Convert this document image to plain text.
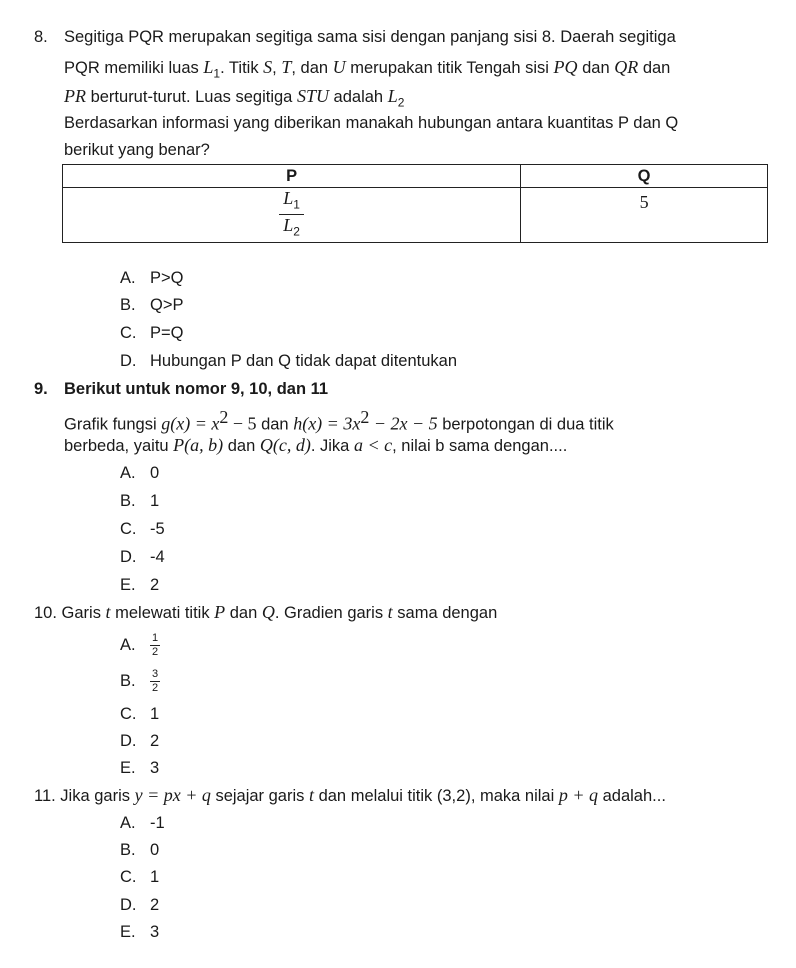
8. Segitiga PQR merupakan segitiga sama sisi dengan panjang sisi 8. Daerah segitiga
PQR memiliki luas $L_1$. Titik S, T, dan U merupakan titik Tengah sisi PQ dan QR dan
PR berturut-turut. Luas segitiga STU adalah $L_2$
Berdasarkan informasi yang diberikan manakah hubungan antara kuantitas P dan Q
berikut yang benar?
P	Q

$\frac{L_1}{L_2}$	5
A. P>Q
B. Q>P
C. P=Q
D. Hubungan P dan Q tidak dapat ditentukan
9. Berikut untuk nomor 9, 10, dan 11
Grafik fungsi $g(x) = x^2 - 5$ dan $h(x) = 3x^2 - 2x - 5$ berpotongan di dua titik
berbeda, yaitu P(a, b) dan Q(c, d). Jika a < c, nilai b sama dengan....
A. 0
B. 1
C. -5
D. -4
E. 2
10. Garis t melewati titik P dan Q. Gradien garis t sama dengan
A. $\frac{1}{2}$
B. $\frac{3}{2}$
C. 1
D. 2
E. 3
11. Jika garis y = px + q sejajar garis t dan melalui titik (3,2), maka nilai p + q adalah...
A. -1
B. 0
C. 1
D. 2
E. 3
